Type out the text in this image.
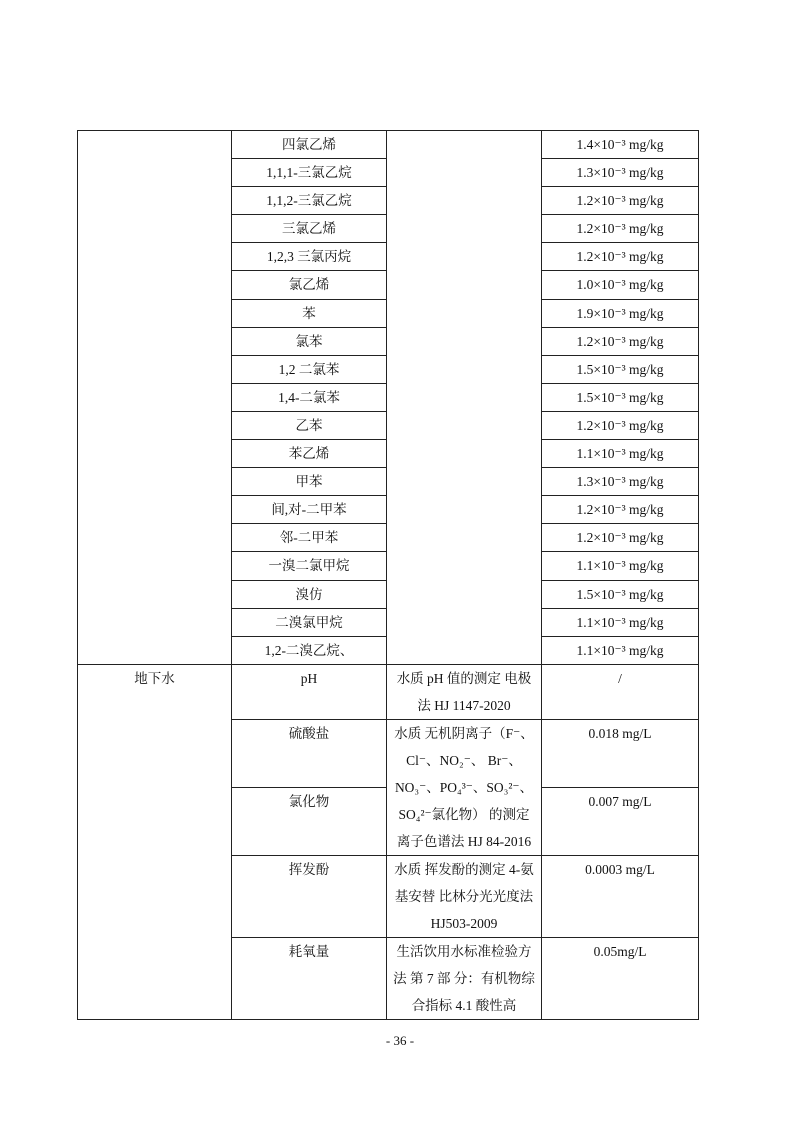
	四氯乙烯		1.4×10⁻³ mg/kg
	1,1,1-三氯乙烷		1.3×10⁻³ mg/kg
	1,1,2-三氯乙烷		1.2×10⁻³ mg/kg
	三氯乙烯		1.2×10⁻³ mg/kg
	1,2,3 三氯丙烷		1.2×10⁻³ mg/kg
	氯乙烯		1.0×10⁻³ mg/kg
	苯		1.9×10⁻³ mg/kg
	氯苯		1.2×10⁻³ mg/kg
	1,2 二氯苯		1.5×10⁻³ mg/kg
	1,4-二氯苯		1.5×10⁻³ mg/kg
	乙苯		1.2×10⁻³ mg/kg
	苯乙烯		1.1×10⁻³ mg/kg
	甲苯		1.3×10⁻³ mg/kg
	间,对-二甲苯		1.2×10⁻³ mg/kg
	邻-二甲苯		1.2×10⁻³ mg/kg
	一溴二氯甲烷		1.1×10⁻³ mg/kg
	溴仿		1.5×10⁻³ mg/kg
	二溴氯甲烷		1.1×10⁻³ mg/kg
	1,2-二溴乙烷、		1.1×10⁻³ mg/kg
地下水	pH	水质 pH 值的测定 电极法 HJ 1147-2020	/
	硫酸盐	水质 无机阴离子（F⁻、Cl⁻、NO₂⁻、 Br⁻、NO₃⁻、PO₄³⁻、SO₃²⁻、SO₄²⁻氯化物） 的测定 离子色谱法 HJ 84-2016	0.018 mg/L
	氯化物		0.007 mg/L
	挥发酚	水质 挥发酚的测定 4-氨基安替 比林分光光度法 HJ503-2009	0.0003 mg/L
	耗氧量	生活饮用水标准检验方法 第 7 部 分：有机物综合指标 4.1 酸性高	0.05mg/L
- 36 -
